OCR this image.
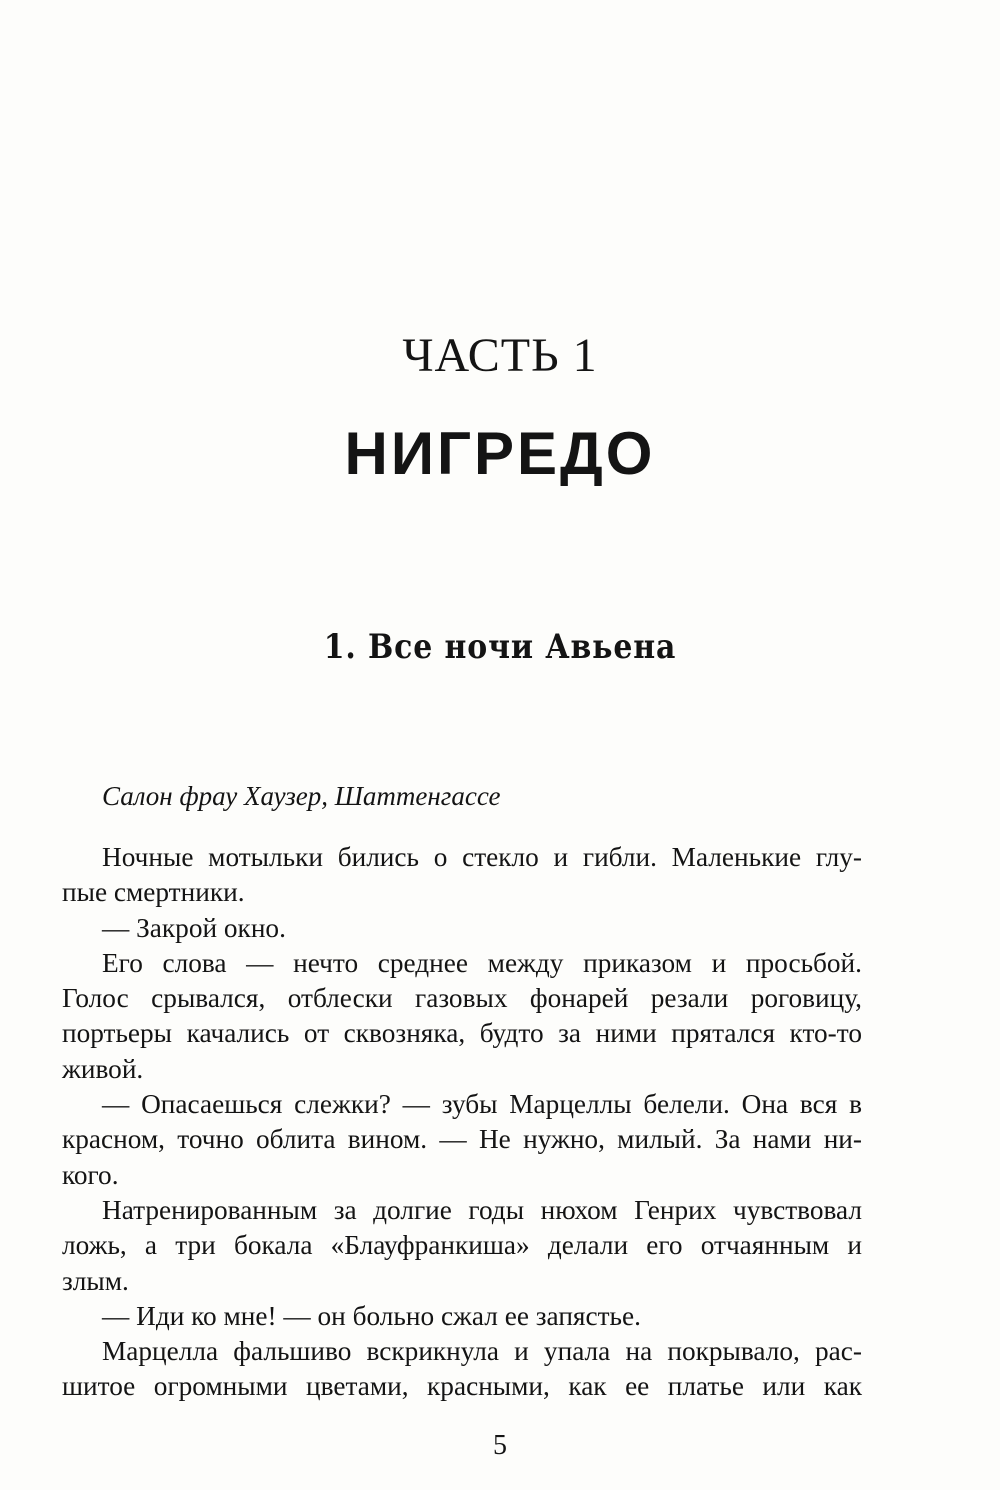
ЧАСТЬ 1
НИГРЕДО
1. Все ночи Авьена

Салон фрау Хаузер, Шаттенгассе

Ночные мотыльки бились о стекло и гибли. Маленькие глу-
пые смертники.
— Закрой окно.
Его слова — нечто среднее между приказом и просьбой.
Голос срывался, отблески газовых фонарей резали роговицу,
портьеры качались от сквозняка, будто за ними прятался кто-то
живой.
— Опасаешься слежки? — зубы Марцеллы белели. Она вся в
красном, точно облита вином. — Не нужно, милый. За нами ни-
кого.
Натренированным за долгие годы нюхом Генрих чувствовал
ложь, а три бокала «Блауфранкиша» делали его отчаянным и
злым.
— Иди ко мне! — он больно сжал ее запястье.
Марцелла фальшиво вскрикнула и упала на покрывало, рас-
шитое огромными цветами, красными, как ее платье или как

5
